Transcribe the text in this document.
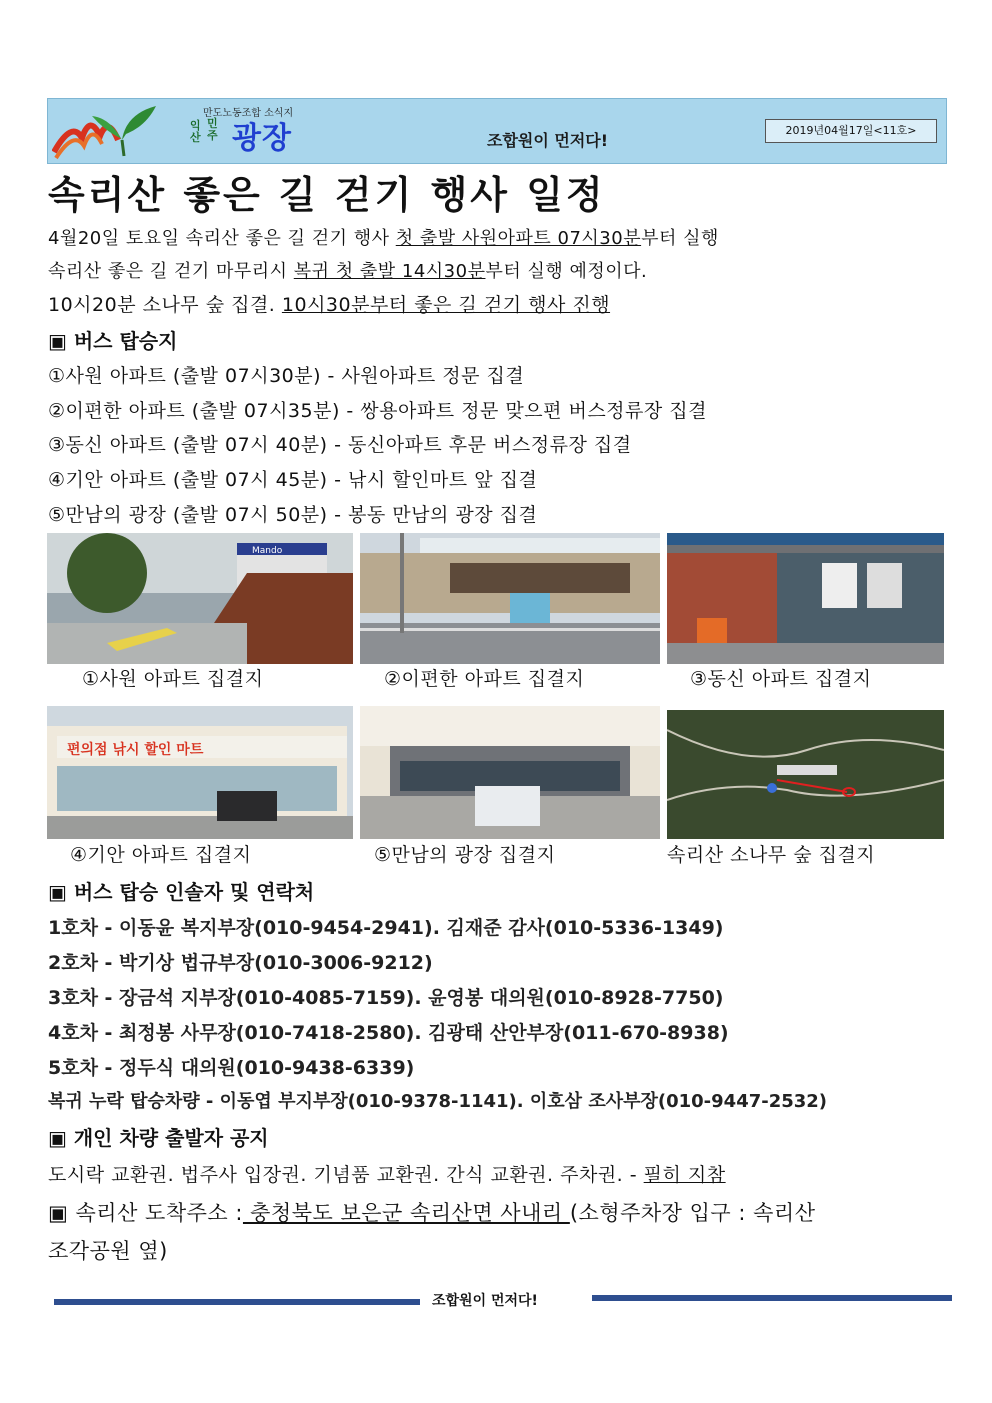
만도노동조합 소식지
익
산
민
주 광장	조합원이 먼저다!
2019년04월17일<11호>
속리산 좋은 길 걷기 행사 일정
4월20일 토요일 속리산 좋은 길 걷기 행사 첫 출발 사원아파트 07시30분부터 실행
속리산 좋은 길 걷기 마무리시 복귀 첫 출발 14시30분부터 실행 예정이다.
10시20분 소나무 숲 집결. 10시30분부터 좋은 길 걷기 행사 진행
▣ 버스 탑승지
①사원 아파트 (출발 07시30분) - 사원아파트 정문 집결
②이편한 아파트 (출발 07시35분) - 쌍용아파트 정문 맞으편 버스정류장 집결
③동신 아파트 (출발 07시 40분) - 동신아파트 후문 버스정류장 집결
④기안 아파트 (출발 07시 45분) - 낚시 할인마트 앞 집결
⑤만남의 광장 (출발 07시 50분) - 봉동 만남의 광장 집결
Mando
①사원 아파트 집결지	②이편한 아파트 집결지	③동신 아파트 집결지
편의점 낚시 할인 마트
④기안 아파트 집결지	⑤만남의 광장 집결지	속리산 소나무 숲 집결지
▣ 버스 탑승 인솔자 및 연락처
1호차 - 이동윤 복지부장(010-9454-2941). 김재준 감사(010-5336-1349)
2호차 - 박기상 법규부장(010-3006-9212)
3호차 - 장금석 지부장(010-4085-7159). 윤영봉 대의원(010-8928-7750)
4호차 - 최정봉 사무장(010-7418-2580). 김광태 산안부장(011-670-8938)
5호차 - 정두식 대의원(010-9438-6339)
복귀 누락 탑승차량 - 이동엽 부지부장(010-9378-1141). 이호삼 조사부장(010-9447-2532)
▣ 개인 차량 출발자 공지
도시락 교환권. 법주사 입장권. 기념품 교환권. 간식 교환권. 주차권. - 필히 지참
▣ 속리산 도착주소 : 충청북도 보은군 속리산면 사내리 (소형주차장 입구 : 속리산
조각공원 옆)
조합원이 먼저다!
